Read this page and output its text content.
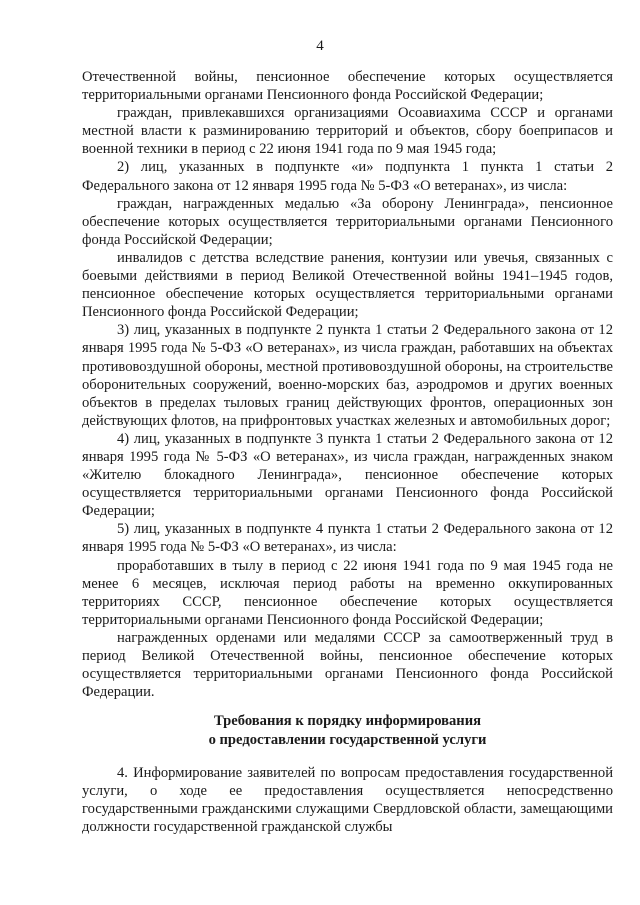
4

Отечественной войны, пенсионное обеспечение которых осуществляется территориальными органами Пенсионного фонда Российской Федерации;

граждан, привлекавшихся организациями Осоавиахима СССР и органами местной власти к разминированию территорий и объектов, сбору боеприпасов и военной техники в период с 22 июня 1941 года по 9 мая 1945 года;

2) лиц, указанных в подпункте «и» подпункта 1 пункта 1 статьи 2 Федерального закона от 12 января 1995 года № 5-ФЗ «О ветеранах», из числа:

граждан, награжденных медалью «За оборону Ленинграда», пенсионное обеспечение которых осуществляется территориальными органами Пенсионного фонда Российской Федерации;

инвалидов с детства вследствие ранения, контузии или увечья, связанных с боевыми действиями в период Великой Отечественной войны 1941–1945 годов, пенсионное обеспечение которых осуществляется территориальными органами Пенсионного фонда Российской Федерации;

3) лиц, указанных в подпункте 2 пункта 1 статьи 2 Федерального закона от 12 января 1995 года № 5-ФЗ «О ветеранах», из числа граждан, работавших на объектах противовоздушной обороны, местной противовоздушной обороны, на строительстве оборонительных сооружений, военно-морских баз, аэродромов и других военных объектов в пределах тыловых границ действующих фронтов, операционных зон действующих флотов, на прифронтовых участках железных и автомобильных дорог;

4) лиц, указанных в подпункте 3 пункта 1 статьи 2 Федерального закона от 12 января 1995 года № 5-ФЗ «О ветеранах», из числа граждан, награжденных знаком «Жителю блокадного Ленинграда», пенсионное обеспечение которых осуществляется территориальными органами Пенсионного фонда Российской Федерации;

5) лиц, указанных в подпункте 4 пункта 1 статьи 2 Федерального закона от 12 января 1995 года № 5-ФЗ «О ветеранах», из числа:

проработавших в тылу в период с 22 июня 1941 года по 9 мая 1945 года не менее 6 месяцев, исключая период работы на временно оккупированных территориях СССР, пенсионное обеспечение которых осуществляется территориальными органами Пенсионного фонда Российской Федерации;

награжденных орденами или медалями СССР за самоотверженный труд в период Великой Отечественной войны, пенсионное обеспечение которых осуществляется территориальными органами Пенсионного фонда Российской Федерации.

Требования к порядку информирования
о предоставлении государственной услуги

4. Информирование заявителей по вопросам предоставления государственной услуги, о ходе ее предоставления осуществляется непосредственно государственными гражданскими служащими Свердловской области, замещающими должности государственной гражданской службы
